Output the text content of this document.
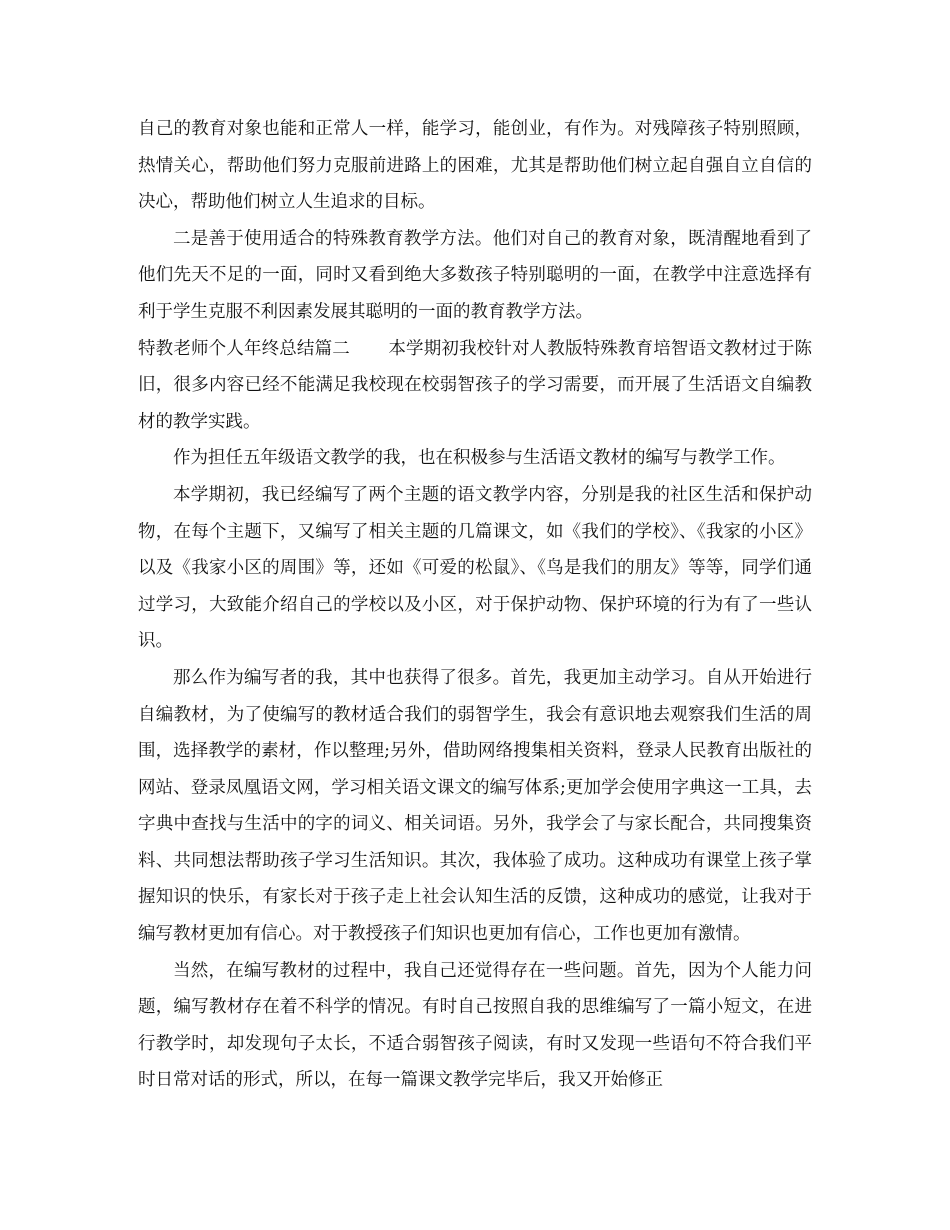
自己的教育对象也能和正常人一样，能学习，能创业，有作为。对残障孩子特别照顾，热情关心，帮助他们努力克服前进路上的困难，尤其是帮助他们树立起自强自立自信的决心，帮助他们树立人生追求的目标。

二是善于使用适合的特殊教育教学方法。他们对自己的教育对象，既清醒地看到了他们先天不足的一面，同时又看到绝大多数孩子特别聪明的一面，在教学中注意选择有利于学生克服不利因素发展其聪明的一面的教育教学方法。

特教老师个人年终总结篇二 本学期初我校针对人教版特殊教育培智语文教材过于陈旧，很多内容已经不能满足我校现在校弱智孩子的学习需要，而开展了生活语文自编教材的教学实践。

作为担任五年级语文教学的我，也在积极参与生活语文教材的编写与教学工作。

本学期初，我已经编写了两个主题的语文教学内容，分别是我的社区生活和保护动物，在每个主题下，又编写了相关主题的几篇课文，如《我们的学校》、《我家的小区》以及《我家小区的周围》等，还如《可爱的松鼠》、《鸟是我们的朋友》等等，同学们通过学习，大致能介绍自己的学校以及小区，对于保护动物、保护环境的行为有了一些认识。

那么作为编写者的我，其中也获得了很多。首先，我更加主动学习。自从开始进行自编教材，为了使编写的教材适合我们的弱智学生，我会有意识地去观察我们生活的周围，选择教学的素材，作以整理;另外，借助网络搜集相关资料，登录人民教育出版社的网站、登录凤凰语文网，学习相关语文课文的编写体系;更加学会使用字典这一工具，去字典中查找与生活中的字的词义、相关词语。另外，我学会了与家长配合，共同搜集资料、共同想法帮助孩子学习生活知识。其次，我体验了成功。这种成功有课堂上孩子掌握知识的快乐，有家长对于孩子走上社会认知生活的反馈，这种成功的感觉，让我对于编写教材更加有信心。对于教授孩子们知识也更加有信心，工作也更加有激情。

当然，在编写教材的过程中，我自己还觉得存在一些问题。首先，因为个人能力问题，编写教材存在着不科学的情况。有时自己按照自我的思维编写了一篇小短文，在进行教学时，却发现句子太长，不适合弱智孩子阅读，有时又发现一些语句不符合我们平时日常对话的形式，所以，在每一篇课文教学完毕后，我又开始修正
